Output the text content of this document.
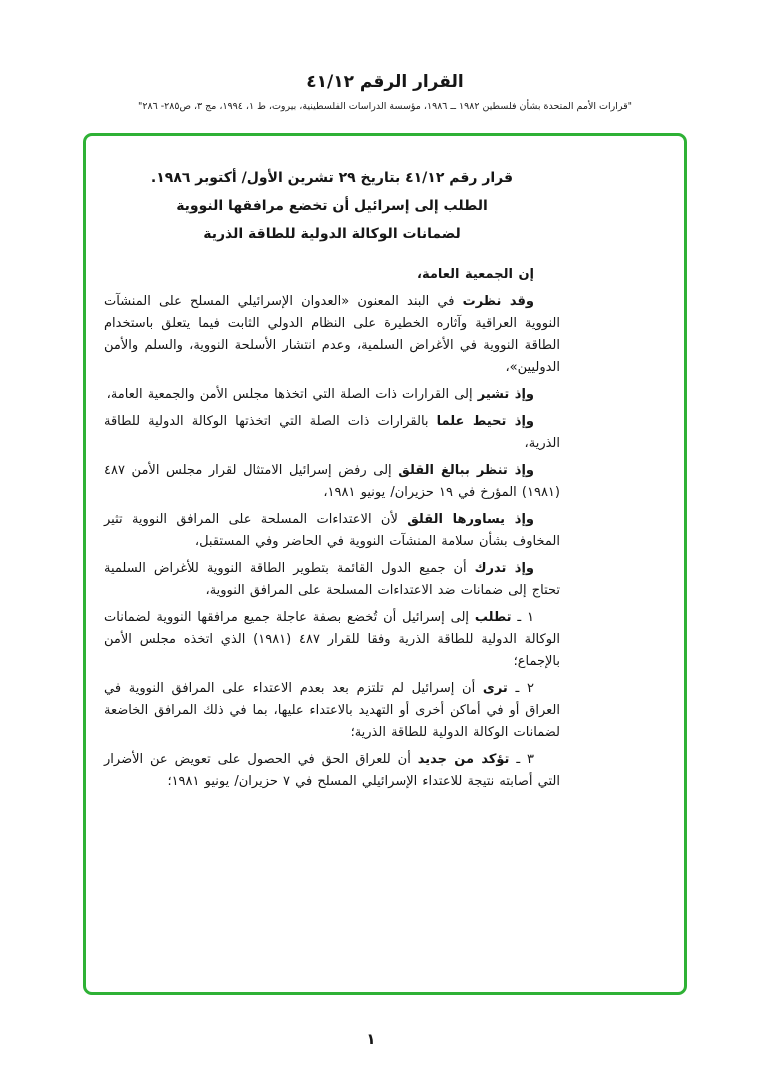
القرار الرقم ٤١/١٢
"قرارات الأمم المتحدة بشأن فلسطين ١٩٨٢ ــ ١٩٨٦، مؤسسة الدراسات الفلسطينية، بيروت، ط ١، ١٩٩٤، مج ٣، ص٢٨٥- ٢٨٦"
قرار رقم ٤١/١٢ بتاريخ ٢٩ تشرين الأول/ أكتوبر ١٩٨٦.
الطلب إلى إسرائيل أن تخضع مرافقها النووية
لضمانات الوكالة الدولية للطاقة الذرية

إن الجمعية العامة،

وقد نظرت في البند المعنون «العدوان الإسرائيلي المسلح على المنشآت النووية العراقية وآثاره الخطيرة على النظام الدولي الثابت فيما يتعلق باستخدام الطاقة النووية في الأغراض السلمية، وعدم انتشار الأسلحة النووية، والسلم والأمن الدوليين»،

وإذ تشير إلى القرارات ذات الصلة التي اتخذها مجلس الأمن والجمعية العامة،

وإذ تحيط علما بالقرارات ذات الصلة التي اتخذتها الوكالة الدولية للطاقة الذرية،

وإذ تنظر ببالغ القلق إلى رفض إسرائيل الامتثال لقرار مجلس الأمن ٤٨٧ (١٩٨١) المؤرخ في ١٩ حزيران/ يونيو ١٩٨١،

وإذ يساورها القلق لأن الاعتداءات المسلحة على المرافق النووية تثير المخاوف بشأن سلامة المنشآت النووية في الحاضر وفي المستقبل،

وإذ تدرك أن جميع الدول القائمة بتطوير الطاقة النووية للأغراض السلمية تحتاج إلى ضمانات ضد الاعتداءات المسلحة على المرافق النووية،

١ ـ تطلب إلى إسرائيل أن تُخضع بصفة عاجلة جميع مرافقها النووية لضمانات الوكالة الدولية للطاقة الذرية وفقا للقرار ٤٨٧ (١٩٨١) الذي اتخذه مجلس الأمن بالإجماع؛

٢ ـ ترى أن إسرائيل لم تلتزم بعد بعدم الاعتداء على المرافق النووية في العراق أو في أماكن أخرى أو التهديد بالاعتداء عليها، بما في ذلك المرافق الخاضعة لضمانات الوكالة الدولية للطاقة الذرية؛

٣ ـ تؤكد من جديد أن للعراق الحق في الحصول على تعويض عن الأضرار التي أصابته نتيجة للاعتداء الإسرائيلي المسلح في ٧ حزيران/ يونيو ١٩٨١؛

١
